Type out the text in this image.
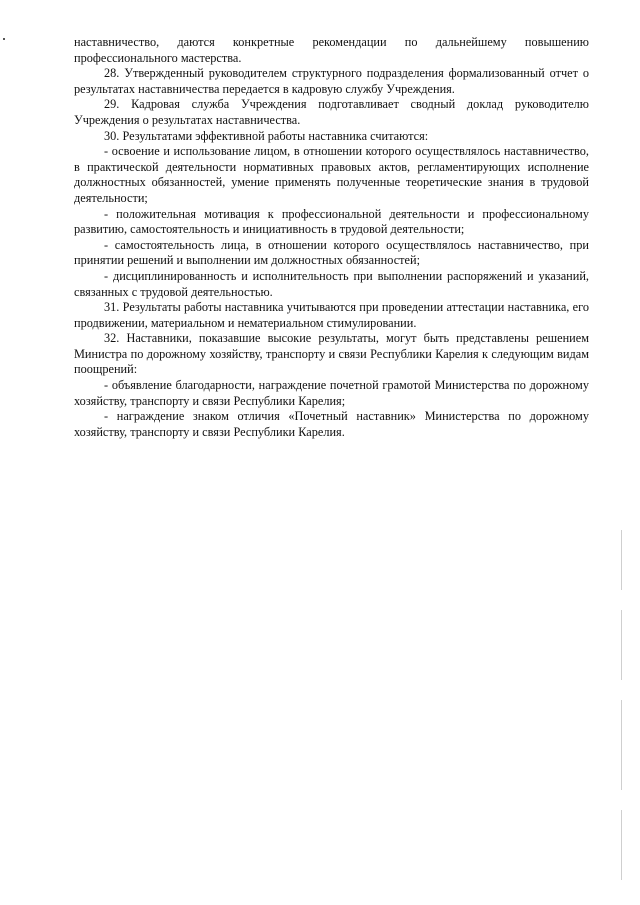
наставничество, даются конкретные рекомендации по дальнейшему повышению профессионального мастерства.

28. Утвержденный руководителем структурного подразделения формализованный отчет о результатах наставничества передается в кадровую службу Учреждения.

29. Кадровая служба Учреждения подготавливает сводный доклад руководителю Учреждения о результатах наставничества.

30. Результатами эффективной работы наставника считаются:

- освоение и использование лицом, в отношении которого осуществлялось наставничество, в практической деятельности нормативных правовых актов, регламентирующих исполнение должностных обязанностей, умение применять полученные теоретические знания в трудовой деятельности;

- положительная мотивация к профессиональной деятельности и профессиональному развитию, самостоятельность и инициативность в трудовой деятельности;

- самостоятельность лица, в отношении которого осуществлялось наставничество, при принятии решений и выполнении им должностных обязанностей;

- дисциплинированность и исполнительность при выполнении распоряжений и указаний, связанных с трудовой деятельностью.

31. Результаты работы наставника учитываются при проведении аттестации наставника, его продвижении, материальном и нематериальном стимулировании.

32. Наставники, показавшие высокие результаты, могут быть представлены решением Министра по дорожному хозяйству, транспорту и связи Республики Карелия к следующим видам поощрений:

- объявление благодарности, награждение почетной грамотой Министерства по дорожному хозяйству, транспорту и связи Республики Карелия;

- награждение знаком отличия «Почетный наставник» Министерства по дорожному хозяйству, транспорту и связи Республики Карелия.
